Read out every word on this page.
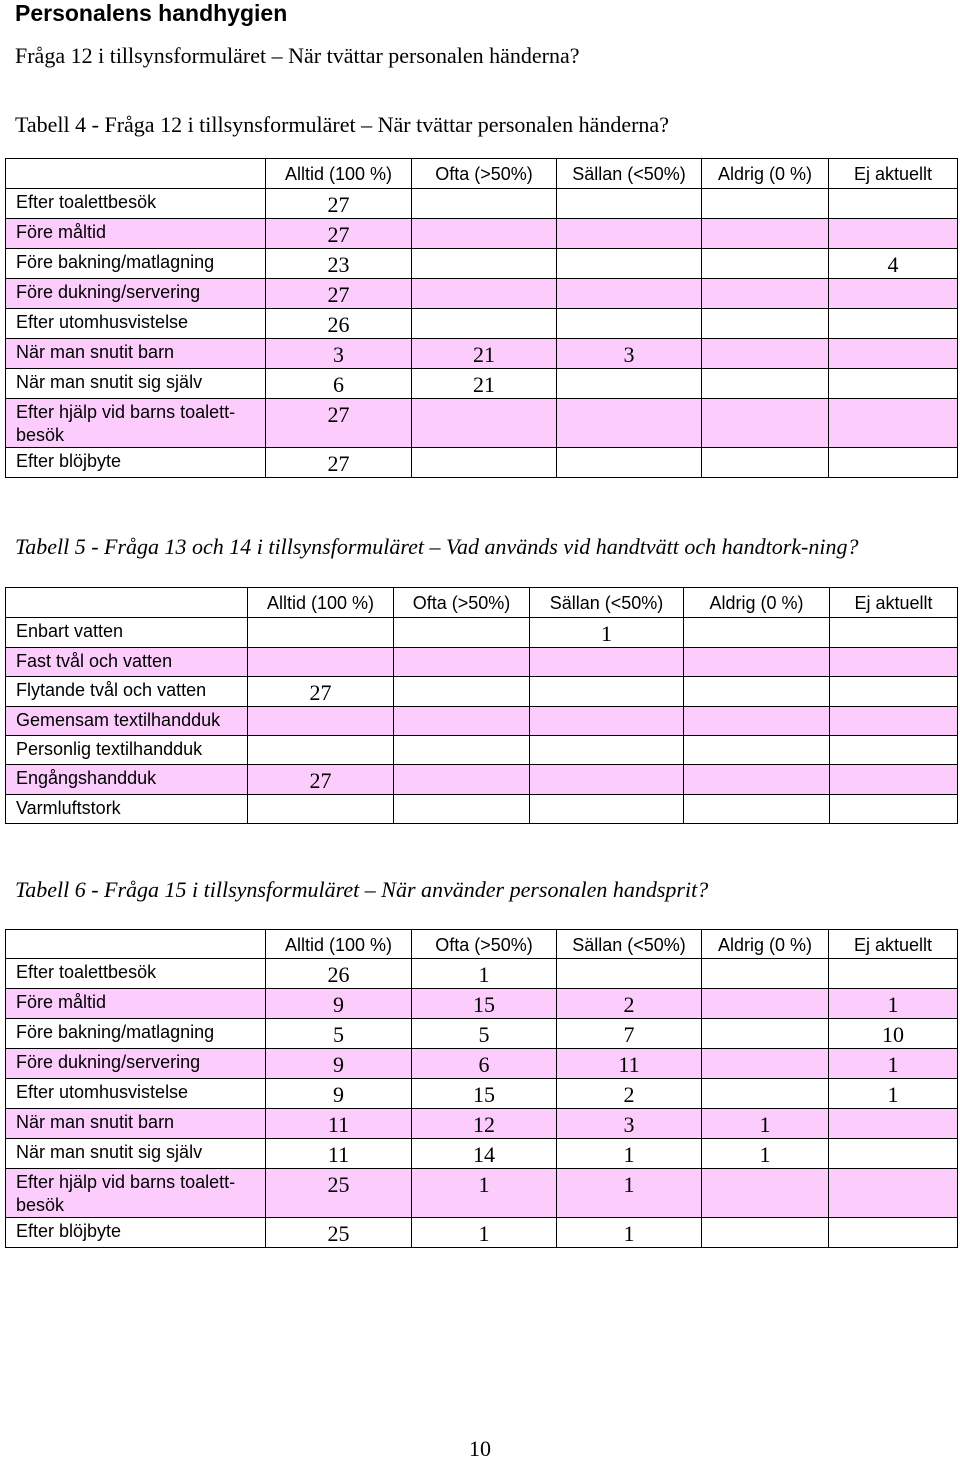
Personalens handhygien

Fråga 12 i tillsynsformuläret – När tvättar personalen händerna?

Tabell 4 - Fråga 12 i tillsynsformuläret – När tvättar personalen händerna?

	Alltid (100 %)	Ofta (>50%)	Sällan (<50%)	Aldrig (0 %)	Ej aktuellt

Efter toalettbesök	27				

Före måltid	27				

Före bakning/matlagning	23				4

Före dukning/servering	27				

Efter utomhusvistelse	26				

När man snutit barn	3	21	3		

När man snutit sig själv	6	21			

Efter hjälp vid barns toalett-besök	27				

Efter blöjbyte	27				

Tabell 5 - Fråga 13 och 14 i tillsynsformuläret – Vad används vid handtvätt och handtork-ning?

	Alltid (100 %)	Ofta (>50%)	Sällan (<50%)	Aldrig (0 %)	Ej aktuellt

Enbart vatten			1		

Fast tvål och vatten					

Flytande tvål och vatten	27				

Gemensam textilhandduk					

Personlig textilhandduk					

Engångshandduk	27				

Varmluftstork					

Tabell 6 - Fråga 15 i tillsynsformuläret – När använder personalen handsprit?

	Alltid (100 %)	Ofta (>50%)	Sällan (<50%)	Aldrig (0 %)	Ej aktuellt

Efter toalettbesök	26	1			

Före måltid	9	15	2		1

Före bakning/matlagning	5	5	7		10

Före dukning/servering	9	6	11		1

Efter utomhusvistelse	9	15	2		1

När man snutit barn	11	12	3	1	

När man snutit sig själv	11	14	1	1	

Efter hjälp vid barns toalett-besök	25	1	1		

Efter blöjbyte	25	1	1		

10
